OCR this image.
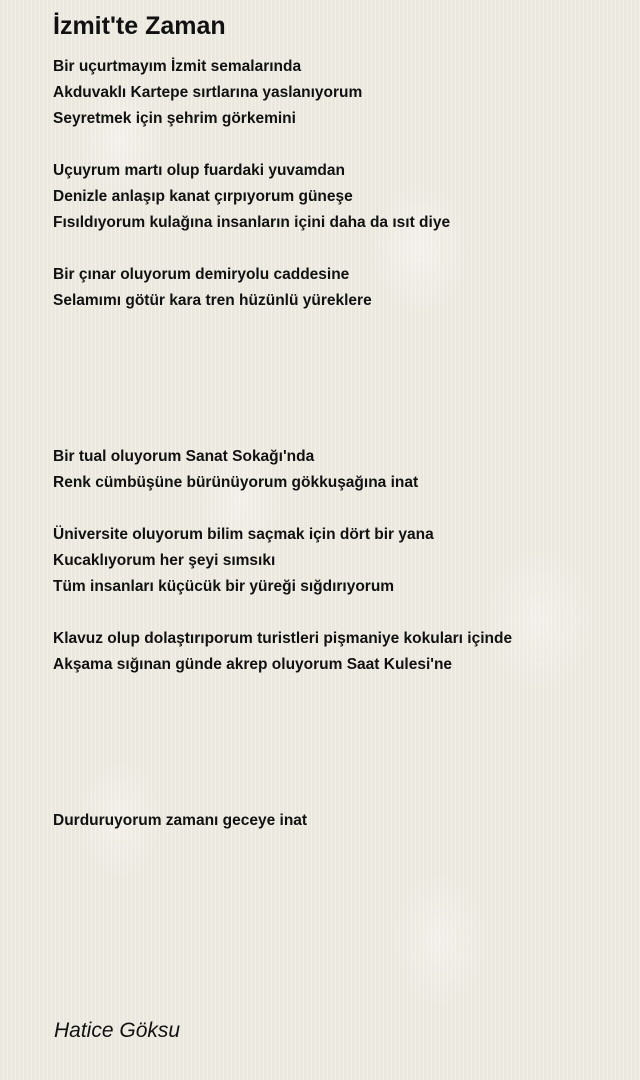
İzmit'te Zaman
Bir uçurtmayım İzmit semalarında
Akduvaklı Kartepe sırtlarına yaslanıyorum
Seyretmek için şehrim görkemini
Uçuyrum martı olup fuardaki yuvamdan
Denizle anlaşıp kanat çırpıyorum güneşe
Fısıldıyorum kulağına insanların içini daha da ısıt diye
Bir çınar oluyorum demiryolu caddesine
Selamımı götür kara tren hüzünlü yüreklere
Bir tual oluyorum Sanat Sokağı'nda
Renk cümbüşüne bürünüyorum gökkuşağına inat
Üniversite oluyorum bilim saçmak için dört bir yana
Kucaklıyorum her şeyi sımsıkı
Tüm insanları küçücük bir yüreği sığdırıyorum
Klavuz olup dolaştırıporum turistleri pişmaniye kokuları içinde
Akşama sığınan günde akrep oluyorum Saat Kulesi'ne
Durduruyorum zamanı geceye inat
Hatice Göksu
